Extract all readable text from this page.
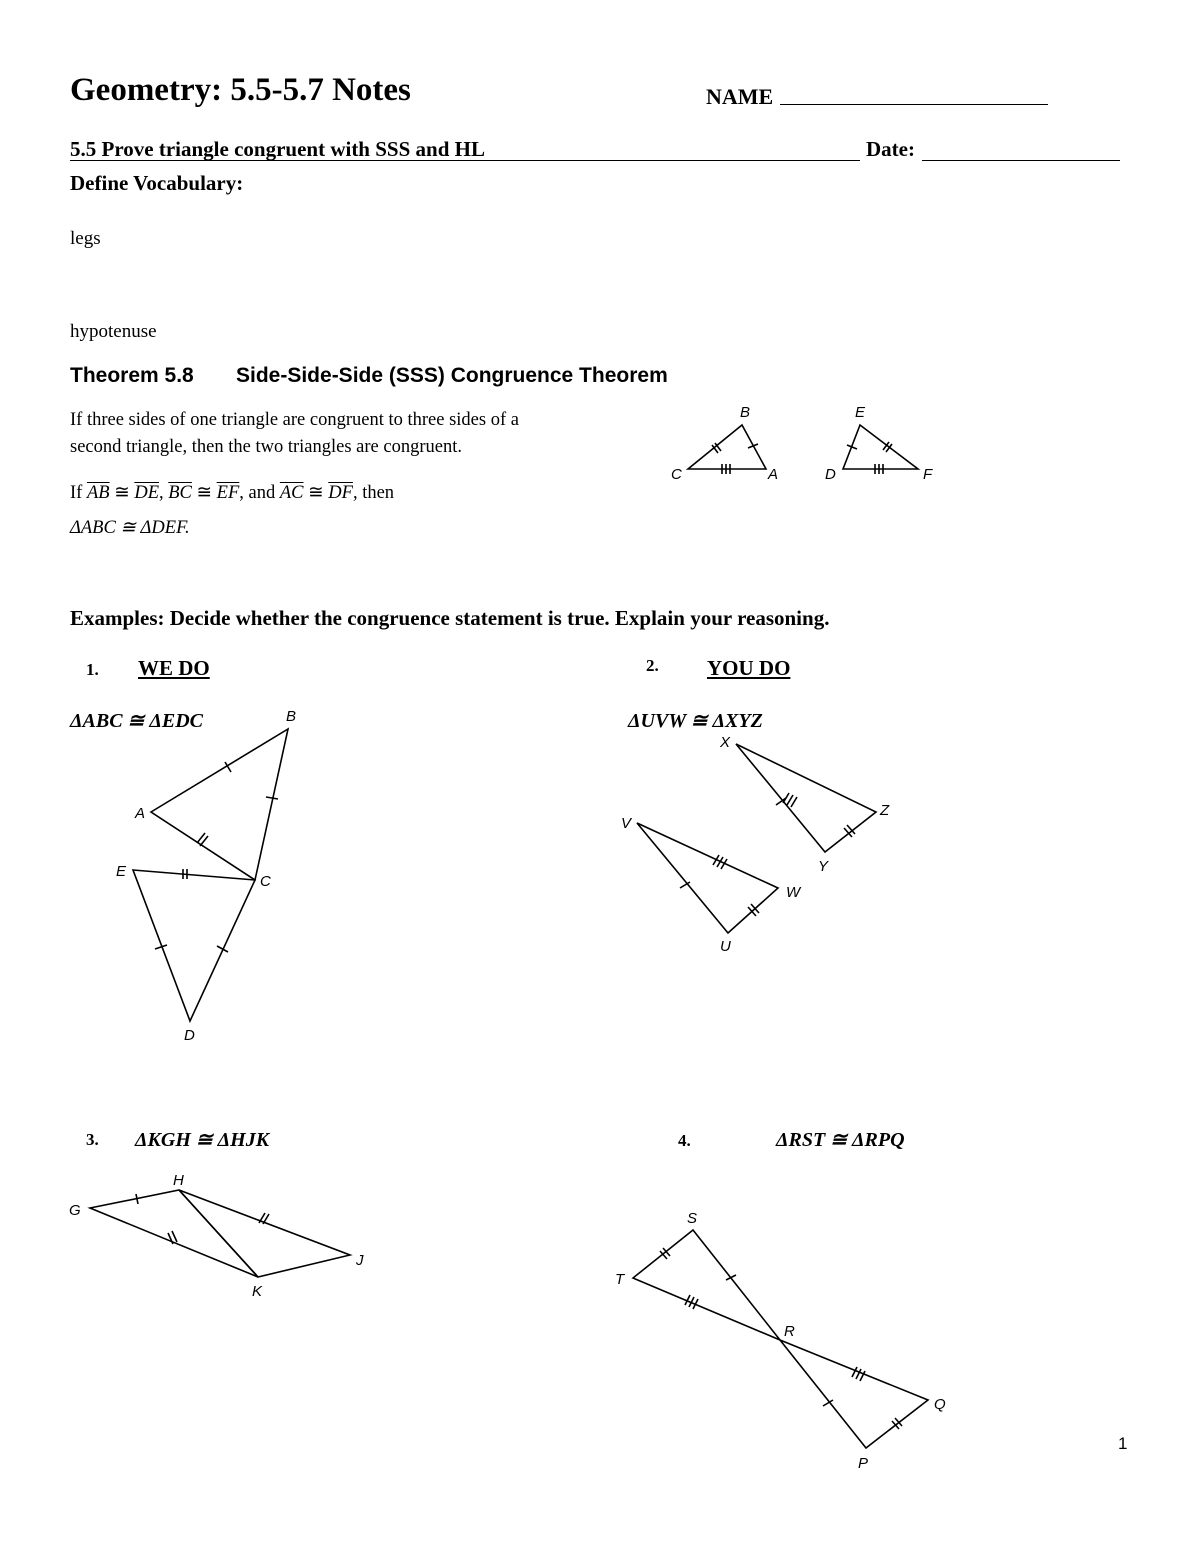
Geometry: 5.5-5.7 Notes	NAME
5.5 Prove triangle congruent with SSS and HL	Date:
Define Vocabulary:
legs
hypotenuse
Theorem 5.8 Side-Side-Side (SSS) Congruence Theorem
If three sides of one triangle are congruent to three sides of a
second triangle, then the two triangles are congruent.
If $\overline{AB}$ ≅ $\overline{DE}$, $\overline{BC}$ ≅ $\overline{EF}$, and $\overline{AC}$ ≅ $\overline{DF}$, then
ΔABC ≅ ΔDEF.
B
C	A
E
D	F
Examples: Decide whether the congruence statement is true. Explain your reasoning.
1. WE DO
ΔABC ≅ ΔEDC	B
A
E
C
D
2. YOU DO
ΔUVW ≅ ΔXYZ
X
Z
V
Y
W
U
3. ΔKGH ≅ ΔHJK
H
G
J
K
4.	ΔRST ≅ ΔRPQ
S
T
R
Q
P
1
